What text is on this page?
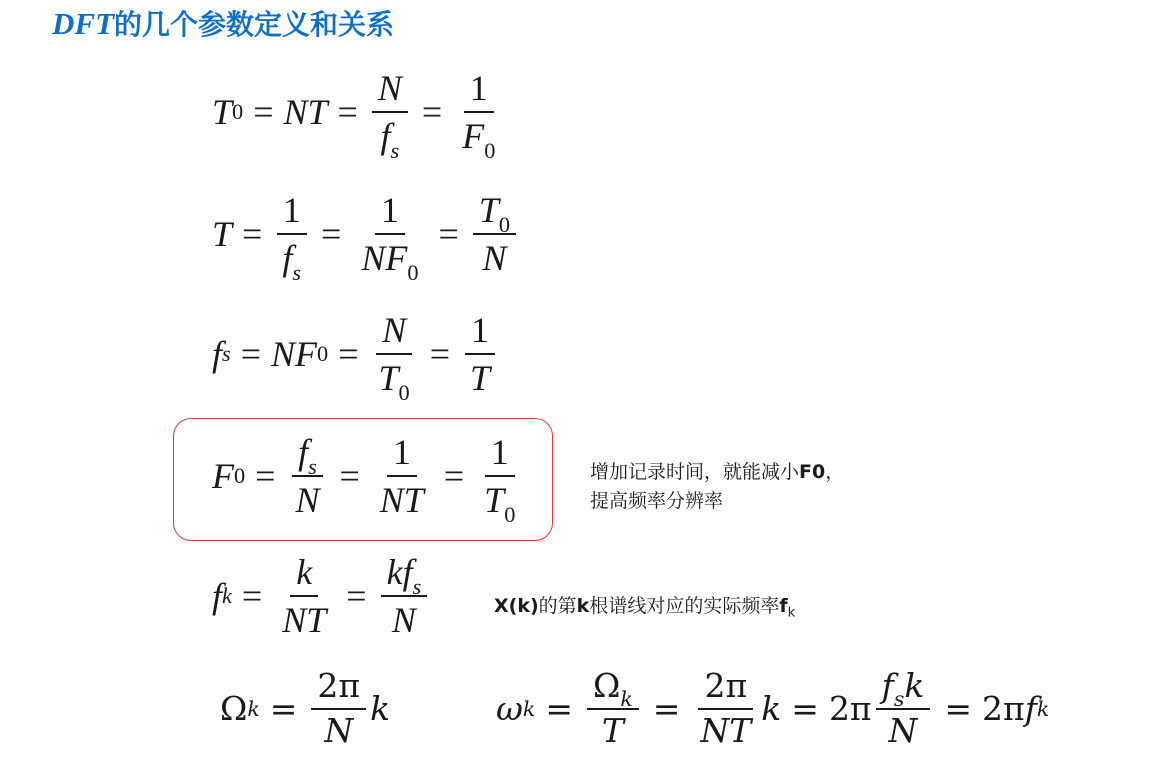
DFT的几个参数定义和关系
T 0 = NT = $\frac{N}{f_s} = \frac{1}{F_0}$
$T = \frac{1}{f_s} = \frac{1}{NF_0} = \frac{T_0}{N}$
f s = N F $0 = \frac{N}{T_0} = \frac{1}{T}$
F $0 = \frac{f_s}{N} = \frac{1}{NT} = \frac{1}{T_0}$	增加记录时间，就能减小F0，
提高频率分辨率
f $k = \frac{k}{NT} = \frac{kf_s}{N}$	X(k)的第k根谱线对应的实际频率$f_k$
Ω $k = \frac{2\pi}{N}$ k	ω $k = \frac{\Omega_k}{T} = \frac{2\pi}{NT}$ $k = 2\pi \frac{f_sk}{N} = 2\pi$ f k
